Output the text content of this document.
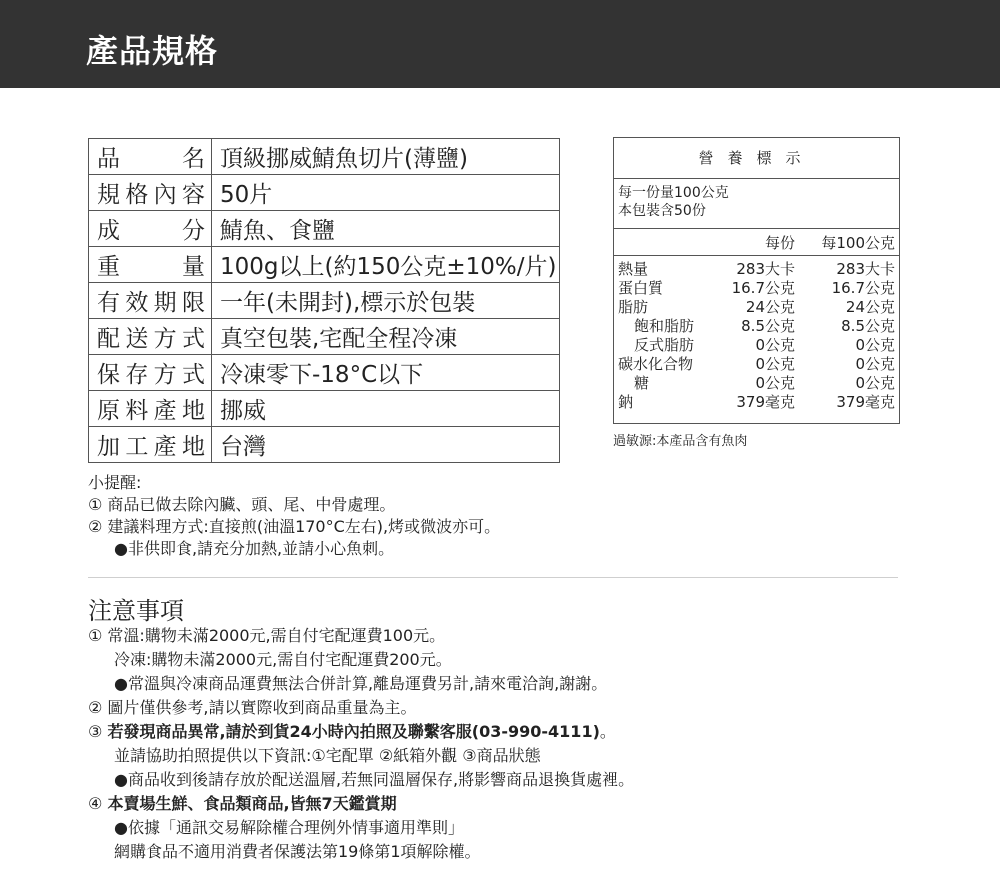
產品規格
品名	頂級挪威鯖魚切片(薄鹽)
規格內容	50片
成分	鯖魚、食鹽
重量	100g以上(約150公克±10%/片)
有效期限	一年(未開封),標示於包裝
配送方式	真空包裝,宅配全程冷凍
保存方式	冷凍零下-18°C以下
原料產地	挪威
加工產地	台灣
營養標示
每一份量100公克
本包裝含50份
每份 每100公克
熱量	283大卡	283大卡
蛋白質	16.7公克 16.7公克
脂肪	24公克	24公克
飽和脂肪	8.5公克	8.5公克
反式脂肪	0公克	0公克
碳水化合物	0公克	0公克
糖	0公克	0公克
鈉	379毫克	379毫克
過敏源:本產品含有魚肉
小提醒:
① 商品已做去除內臟、頭、尾、中骨處理。
② 建議料理方式:直接煎(油溫170°C左右),烤或微波亦可。
●非供即食,請充分加熱,並請小心魚刺。
注意事項
① 常溫:購物未滿2000元,需自付宅配運費100元。
冷凍:購物未滿2000元,需自付宅配運費200元。
●常溫與冷凍商品運費無法合併計算,離島運費另計,請來電洽詢,謝謝。
② 圖片僅供參考,請以實際收到商品重量為主。
③ 若發現商品異常,請於到貨24小時內拍照及聯繫客服(03-990-4111)。
並請協助拍照提供以下資訊:①宅配單 ②紙箱外觀 ③商品狀態
●商品收到後請存放於配送溫層,若無同溫層保存,將影響商品退換貨處裡。
④ 本賣場生鮮、食品類商品,皆無7天鑑賞期
●依據「通訊交易解除權合理例外情事適用準則」
網購食品不適用消費者保護法第19條第1項解除權。
